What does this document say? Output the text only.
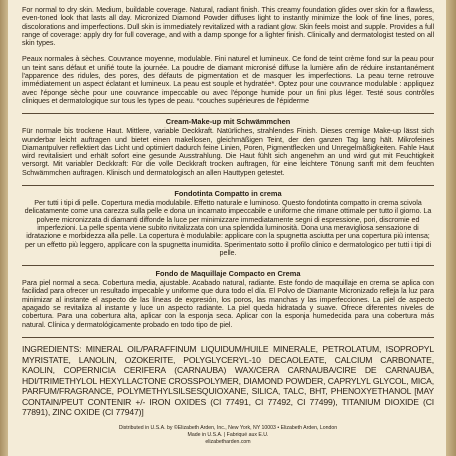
For normal to dry skin. Medium, buildable coverage. Natural, radiant finish. This creamy foundation glides over skin for a flawless, even-toned look that lasts all day. Micronized Diamond Powder diffuses light to instantly minimize the look of fine lines, pores, discolorations and imperfections. Dull skin is immediately revitalized with a radiant glow. Skin feels moist and supple. Provides a full range of coverage: apply dry for full coverage, and with a damp sponge for a lighter finish. Clinically and dermatologist tested on all skin types.

Peaux normales à sèches. Couvrance moyenne, modulable. Fini naturel et lumineux. Ce fond de teint crème fond sur la peau pour un teint sans défaut et unifié toute la journée. La poudre de diamant micronisé diffuse la lumière afin de réduire instantanément l'apparence des ridules, des pores, des défauts de pigmentation et de masquer les imperfections. La peau terne retrouve immédiatement un aspect éclatant et lumineux. La peau est souple et hydratée*. Optez pour une couvrance modulable : appliquez avec l'éponge sèche pour une couvrance impeccable ou avec l'éponge humide pour un fini plus léger. Testé sous contrôles cliniques et dermatologique sur tous les types de peau. *couches supérieures de l'épiderme

Cream-Make-up mit Schwämmchen

Für normale bis trockene Haut. Mittlere, variable Deckkraft. Natürliches, strahlendes Finish. Dieses cremige Make-up lässt sich wunderbar leicht auftragen und bietet einen makellosen, gleichmäßigen Teint, der den ganzen Tag lang hält. Mikrofeines Diamantpulver reflektiert das Licht und optimiert dadurch feine Linien, Poren, Pigmentflecken und Unregelmäßigkeiten. Fahle Haut wird revitalisiert und erhält sofort eine gesunde Ausstrahlung. Die Haut fühlt sich angenehm an und wird gut mit Feuchtigkeit versorgt. Mit variabler Deckkraft: Für die volle Deckkraft trocken auftragen, für eine leichtere Tönung sanft mit dem feuchten Schwämmchen auftragen. Klinisch und dermatologisch an allen Hauttypen getestet.

Fondotinta Compatto in crema

Per tutti i tipi di pelle. Copertura media modulabile. Effetto naturale e luminoso. Questo fondotinta compatto in crema scivola delicatamente come una carezza sulla pelle e dona un incarnato impeccabile e uniforme che rimane ottimale per tutto il giorno. La polvere micronizzata di diamanti diffonde la luce per minimizzare immediatamente segni di espressione, pori, discromie ed imperfezioni. La pelle spenta viene subito rivitalizzata con una splendida luminosità. Dona una meravigliosa sensazione di idratazione e morbidezza alla pelle. La copertura è modulabile: applicare con la spugnetta asciutta per una copertura più intensa; per un effetto più leggero, applicare con la spugnetta inumidita. Sperimentato sotto il profilo clinico e dermatologico per tutti i tipi di pelle.

Fondo de Maquillaje Compacto en Crema

Para piel normal a seca. Cobertura media, ajustable. Acabado natural, radiante. Este fondo de maquillaje en crema se aplica con facilidad para ofrecer un resultado impecable y uniforme que dura todo el día. El Polvo de Diamante Micronizado refleja la luz para minimizar al instante el aspecto de las líneas de expresión, los poros, las manchas y las imperfecciones. La piel de aspecto apagado se revitaliza al instante y luce un aspecto radiante. La piel queda hidratada y suave. Ofrece diferentes niveles de cobertura. Para una cobertura alta, aplicar con la esponja seca. Aplicar con la esponja humedecida para una cobertura más natural. Clínica y dermatológicamente probado en todo tipo de piel.

INGREDIENTS: MINERAL OIL/PARAFFINUM LIQUIDUM/HUILE MINERALE, PETROLATUM, ISOPROPYL MYRISTATE, LANOLIN, OZOKERITE, POLYGLYCERYL-10 DECAOLEATE, CALCIUM CARBONATE, KAOLIN, COPERNICIA CERIFERA (CARNAUBA) WAX/CERA CARNAUBA/CIRE DE CARNAUBA, HDI/TRIMETHYLOL HEXYLLACTONE CROSSPOLYMER, DIAMOND POWDER, CAPRYLYL GLYCOL, MICA, PARFUM/FRAGRANCE, POLYMETHYLSILSESQUIOXANE, SILICA, TALC, BHT, PHENOXYETHANOL [MAY CONTAIN/PEUT CONTENIR +/- IRON OXIDES (CI 77491, CI 77492, CI 77499), TITANIUM DIOXIDE (CI 77891), ZINC OXIDE (CI 77947)]

Distributed in U.S.A. by ©Elizabeth Arden, Inc., New York, NY 10003 • Elizabeth Arden, London
Made in U.S.A. | Fabriqué aux E.U.
elizabetharden.com
